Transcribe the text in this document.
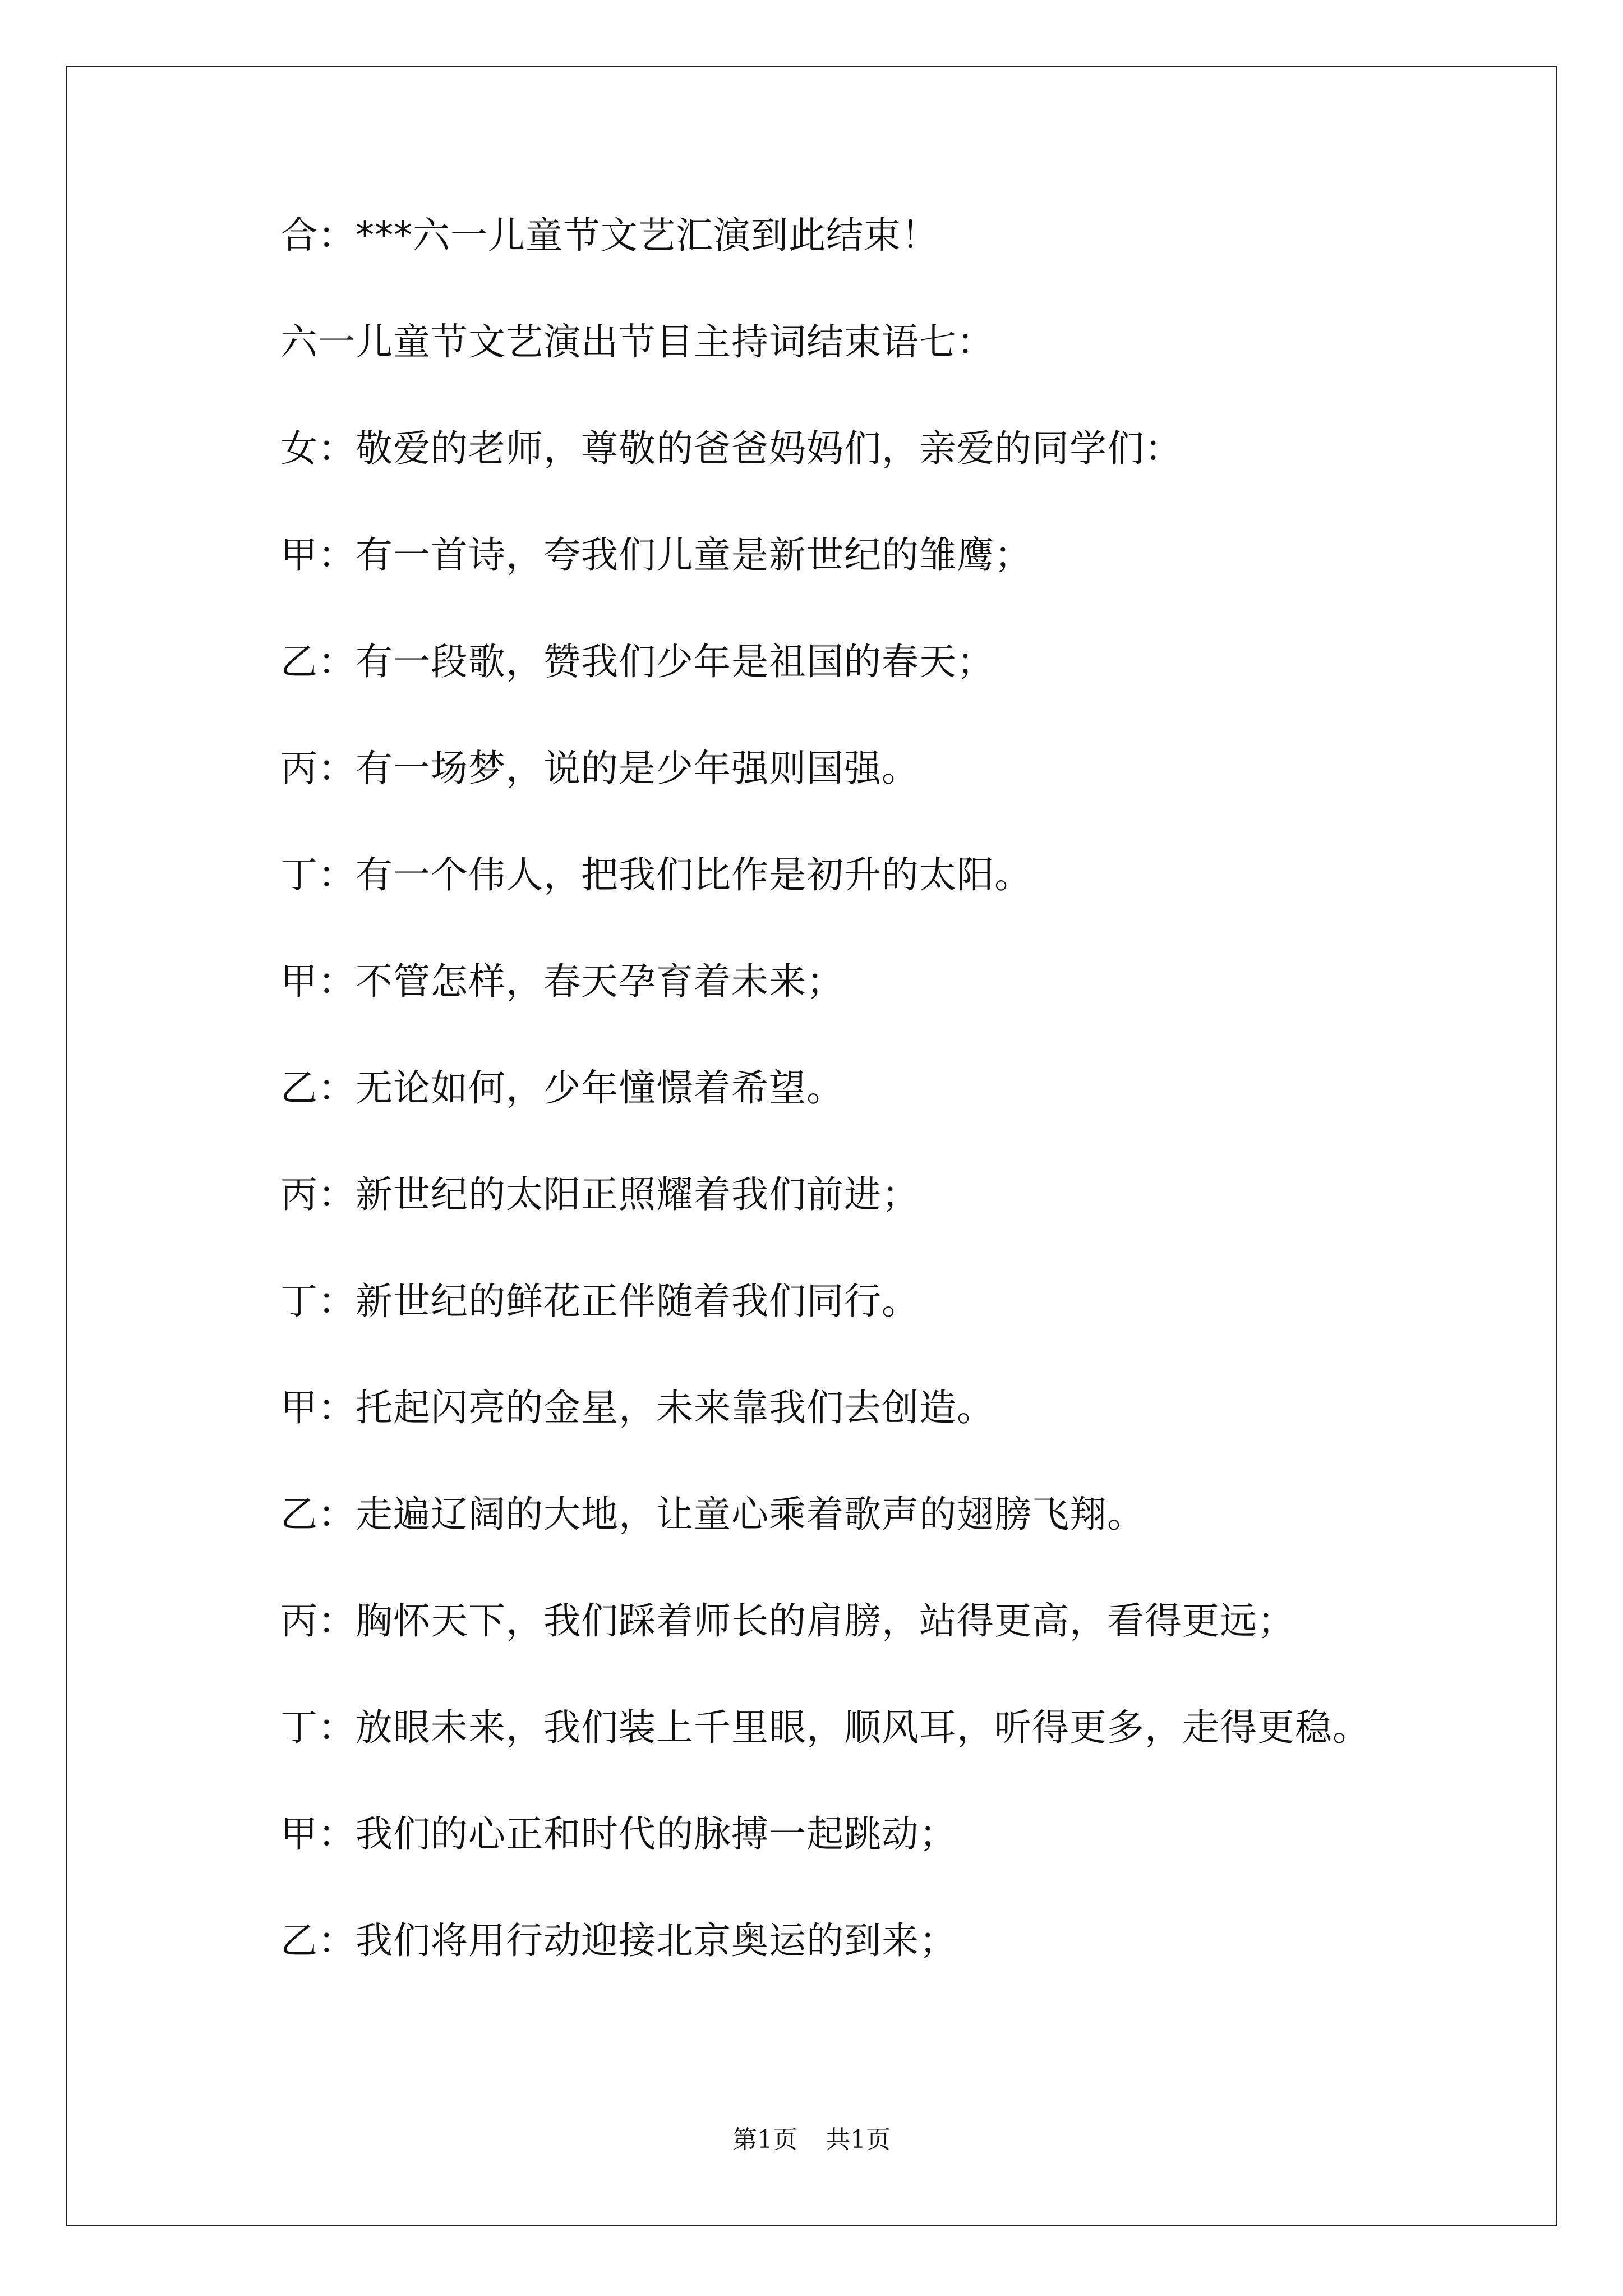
合：***六一儿童节文艺汇演到此结束！
六一儿童节文艺演出节目主持词结束语七：
女：敬爱的老师，尊敬的爸爸妈妈们，亲爱的同学们：
甲：有一首诗，夸我们儿童是新世纪的雏鹰；
乙：有一段歌，赞我们少年是祖国的春天；
丙：有一场梦，说的是少年强则国强。
丁：有一个伟人，把我们比作是初升的太阳。
甲：不管怎样，春天孕育着未来；
乙：无论如何，少年憧憬着希望。
丙：新世纪的太阳正照耀着我们前进；
丁：新世纪的鲜花正伴随着我们同行。
甲：托起闪亮的金星，未来靠我们去创造。
乙：走遍辽阔的大地，让童心乘着歌声的翅膀飞翔。
丙：胸怀天下，我们踩着师长的肩膀，站得更高，看得更远；
丁：放眼未来，我们装上千里眼，顺风耳，听得更多，走得更稳。
甲：我们的心正和时代的脉搏一起跳动；
乙：我们将用行动迎接北京奥运的到来；
第1页 共1页
